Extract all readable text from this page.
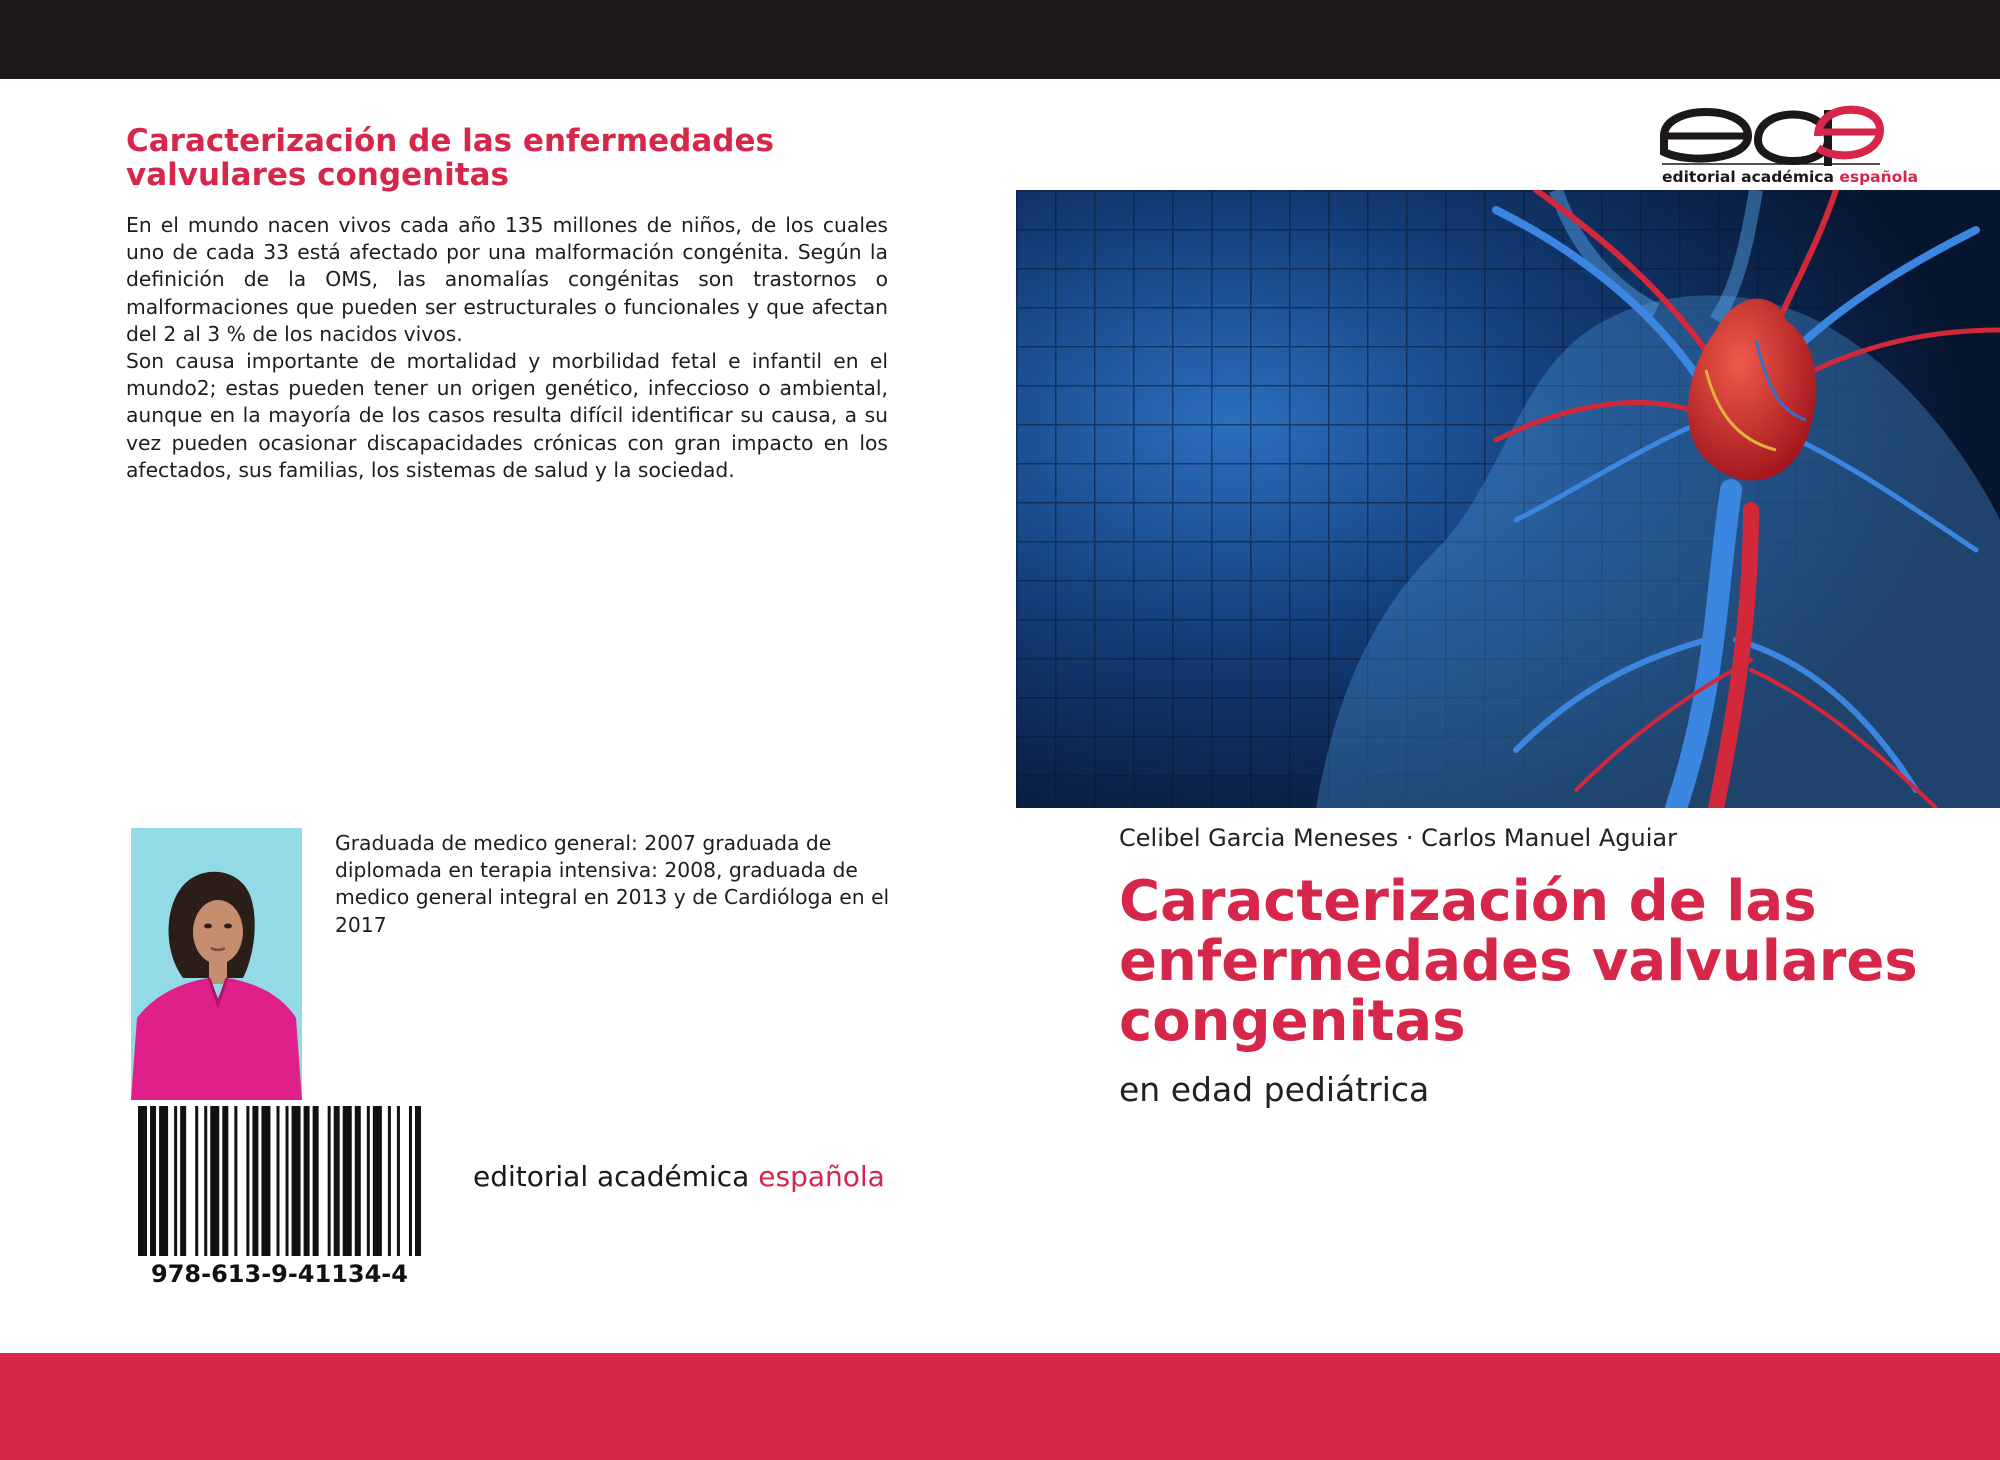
Caracterización de las enfermedades valvulares congenitas

En el mundo nacen vivos cada año 135 millones de niños, de los cuales uno de cada 33 está afectado por una malformación congénita. Según la definición de la OMS, las anomalías congénitas son trastornos o malformaciones que pueden ser estructurales o funcionales y que afectan del 2 al 3 % de los nacidos vivos.

Son causa importante de mortalidad y morbilidad fetal e infantil en el mundo2; estas pueden tener un origen genético, infeccioso o ambiental, aunque en la mayoría de los casos resulta difícil identificar su causa, a su vez pueden ocasionar discapacidades crónicas con gran impacto en los afectados, sus familias, los sistemas de salud y la sociedad.

Graduada de medico general: 2007 graduada de diplomada en terapia intensiva: 2008, graduada de medico general integral en 2013 y de Cardióloga en el 2017
978-613-9-41134-4
editorial académica española
editorial académica española
Celibel Garcia Meneses · Carlos Manuel Aguiar
Caracterización de las enfermedades valvulares congenitas
en edad pediátrica
